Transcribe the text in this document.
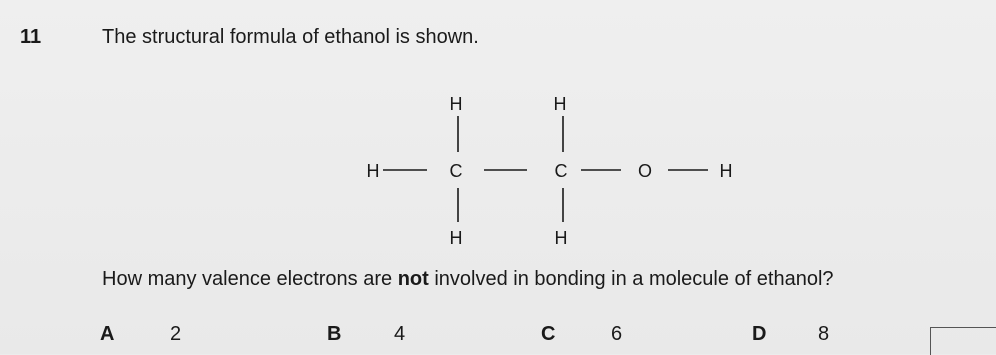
11	The structural formula of ethanol is shown.
H	H
H	C	C	O	H
H	H
How many valence electrons are not involved in bonding in a molecule of ethanol?
A	2	B	4	C	6	D	8
